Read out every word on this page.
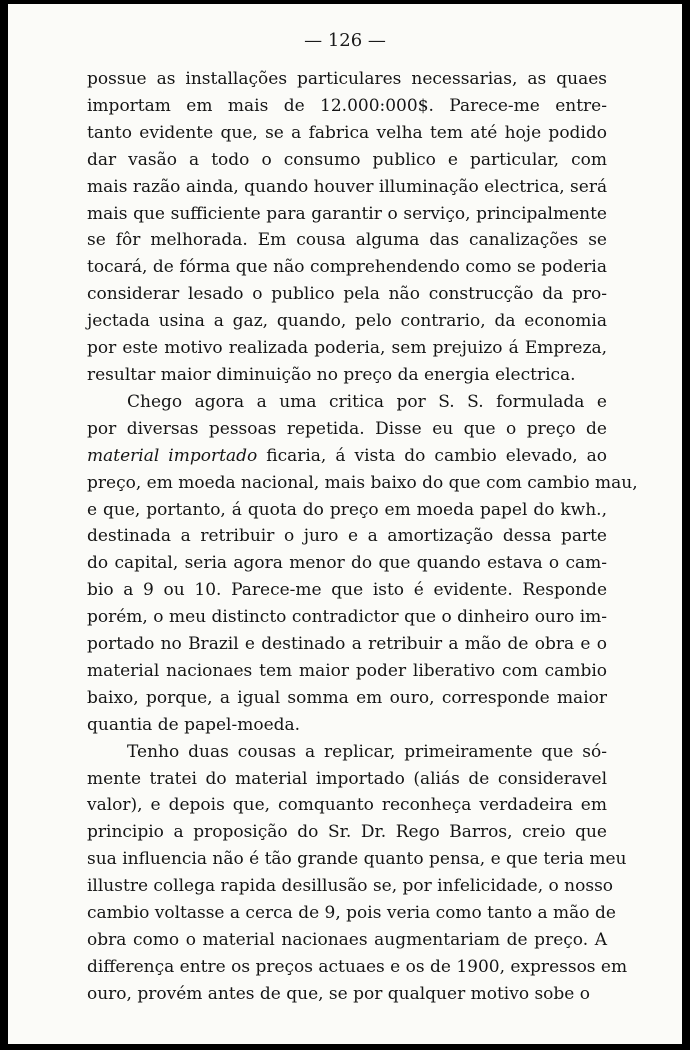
— 126 —
possue as installações particulares necessarias, as quaes
importam em mais de 12.000:000$. Parece-me entre-
tanto evidente que, se a fabrica velha tem até hoje podido
dar vasão a todo o consumo publico e particular, com
mais razão ainda, quando houver illuminação electrica, será
mais que sufficiente para garantir o serviço, principalmente
se fôr melhorada. Em cousa alguma das canalizações se
tocará, de fórma que não comprehendendo como se poderia
considerar lesado o publico pela não construcção da pro-
jectada usina a gaz, quando, pelo contrario, da economia
por este motivo realizada poderia, sem prejuizo á Empreza,
resultar maior diminuição no preço da energia electrica.
Chego agora a uma critica por S. S. formulada e
por diversas pessoas repetida. Disse eu que o preço de
material importado ficaria, á vista do cambio elevado, ao
preço, em moeda nacional, mais baixo do que com cambio mau,
e que, portanto, á quota do preço em moeda papel do kwh.,
destinada a retribuir o juro e a amortização dessa parte
do capital, seria agora menor do que quando estava o cam-
bio a 9 ou 10. Parece-me que isto é evidente. Responde
porém, o meu distincto contradictor que o dinheiro ouro im-
portado no Brazil e destinado a retribuir a mão de obra e o
material nacionaes tem maior poder liberativo com cambio
baixo, porque, a igual somma em ouro, corresponde maior
quantia de papel-moeda.
Tenho duas cousas a replicar, primeiramente que só-
mente tratei do material importado (aliás de consideravel
valor), e depois que, comquanto reconheça verdadeira em
principio a proposição do Sr. Dr. Rego Barros, creio que
sua influencia não é tão grande quanto pensa, e que teria meu
illustre collega rapida desillusão se, por infelicidade, o nosso
cambio voltasse a cerca de 9, pois veria como tanto a mão de
obra como o material nacionaes augmentariam de preço. A
differença entre os preços actuaes e os de 1900, expressos em
ouro, provém antes de que, se por qualquer motivo sobe o
